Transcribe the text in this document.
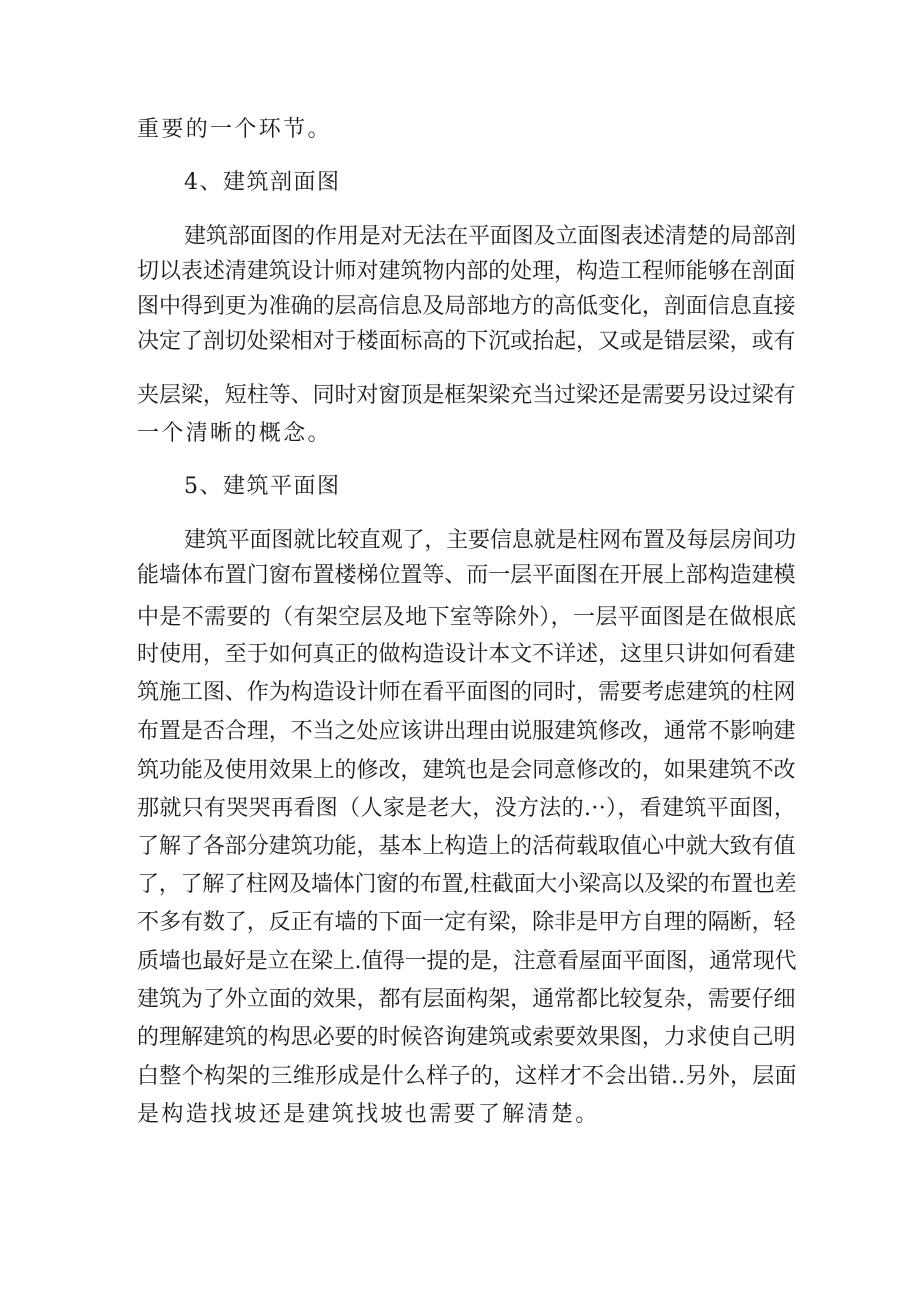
重要的一个环节。
4、建筑剖面图
建筑部面图的作用是对无法在平面图及立面图表述清楚的局部剖
切以表述清建筑设计师对建筑物内部的处理，构造工程师能够在剖面
图中得到更为准确的层高信息及局部地方的高低变化，剖面信息直接
决定了剖切处梁相对于楼面标高的下沉或抬起，又或是错层梁，或有
夹层梁，短柱等、同时对窗顶是框架梁充当过梁还是需要另设过梁有
一个清晰的概念。
5、建筑平面图
建筑平面图就比较直观了，主要信息就是柱网布置及每层房间功
能墙体布置门窗布置楼梯位置等、而一层平面图在开展上部构造建模
中是不需要的（有架空层及地下室等除外），一层平面图是在做根底
时使用，至于如何真正的做构造设计本文不详述，这里只讲如何看建
筑施工图、作为构造设计师在看平面图的同时，需要考虑建筑的柱网
布置是否合理，不当之处应该讲出理由说服建筑修改，通常不影响建
筑功能及使用效果上的修改，建筑也是会同意修改的，如果建筑不改
那就只有哭哭再看图（人家是老大，没方法的.··），看建筑平面图，
了解了各部分建筑功能，基本上构造上的活荷载取值心中就大致有值
了，了解了柱网及墙体门窗的布置,柱截面大小梁高以及梁的布置也差
不多有数了，反正有墙的下面一定有梁，除非是甲方自理的隔断，轻
质墙也最好是立在梁上.值得一提的是，注意看屋面平面图，通常现代
建筑为了外立面的效果，都有层面构架，通常都比较复杂，需要仔细
的理解建筑的构思必要的时候咨询建筑或索要效果图，力求使自己明
白整个构架的三维形成是什么样子的，这样才不会出错..另外，层面
是构造找坡还是建筑找坡也需要了解清楚。
